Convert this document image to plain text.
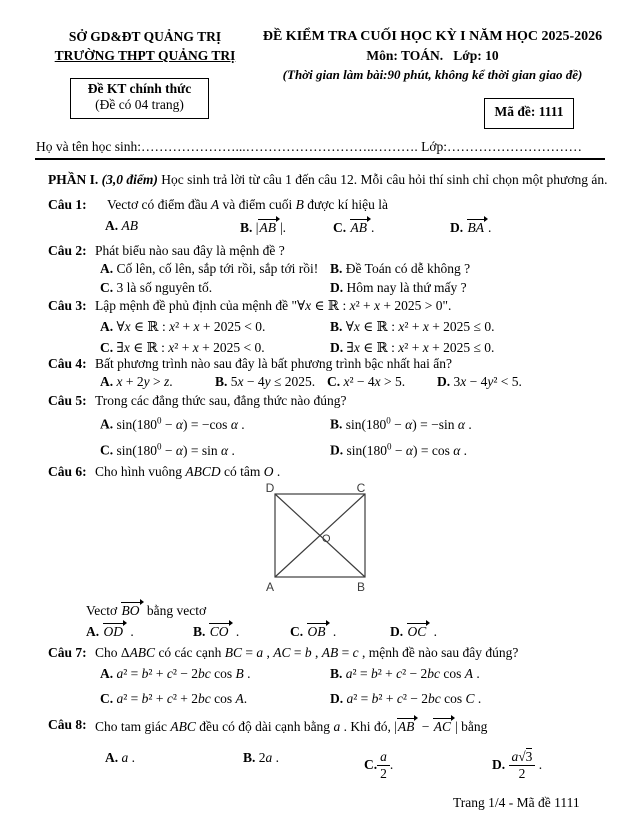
SỞ GD&ĐT QUẢNG TRỊ
TRƯỜNG THPT QUẢNG TRỊ
ĐỀ KIỂM TRA CUỐI HỌC KỲ I NĂM HỌC 2025-2026
Môn: TOÁN.   Lớp: 10
(Thời gian làm bài:90 phút, không kể thời gian giao đề)
Đề KT chính thức
(Đề có 04 trang)	Mã đề: 1111
Họ và tên học sinh:…………………...………………………..………. Lớp:…………………………
PHẦN I. (3,0 điểm) Học sinh trả lời từ câu 1 đến câu 12. Mỗi câu hỏi thí sinh chỉ chọn một phương án.
Câu 1: Vectơ có điểm đầu A và điểm cuối B được kí hiệu là
A. AB	B. |AB |.	C. AB .	D. BA .
Câu 2: Phát biểu nào sau đây là mệnh đề ?
A. Cố lên, cố lên, sắp tới rồi, sắp tới rồi! B. Đề Toán có dễ không ?
C. 3 là số nguyên tố.	D. Hôm nay là thứ mấy ?
Câu 3: Lập mệnh đề phủ định của mệnh đề "∀x ∈ ℝ : x² + x + 2025 > 0".
A. ∀x ∈ ℝ : x² + x + 2025 < 0.	B. ∀x ∈ ℝ : x² + x + 2025 ≤ 0.
C. ∃x ∈ ℝ : x² + x + 2025 < 0.	D. ∃x ∈ ℝ : x² + x + 2025 ≤ 0.
Câu 4: Bất phương trình nào sau đây là bất phương trình bậc nhất hai ẩn?
A. x + 2y > z.	B. 5x − 4y ≤ 2025. C. x² − 4x > 5. D. 3x − 4y² < 5.
Câu 5: Trong các đẳng thức sau, đẳng thức nào đúng?
A. $\sin(180^0 - \alpha) = -\cos$ α .	B. $\sin(180^0 - \alpha) = -\sin$ α .
C. $\sin(180^0 - \alpha) = \sin \alpha$ .	D. $\sin(180^0 - \alpha) = \cos \alpha$ .
Câu 6: Cho hình vuông ABCD có tâm O .
D	C
A	B
O
Vectơ BO bằng vectơ
A. OD .	B. CO .	C. OB .	D. OC .
Câu 7: Cho ΔABC có các cạnh BC = a , AC = b , AB = c , mệnh đề nào sau đây đúng?
A. a² = b² + c² − 2bc cos B .	B. a² = b² + c² − 2bc cos A .
C. a² = b² + c² + 2bc cos A.	D. a² = b² + c² − 2bc cos C .
Câu 8: Cho tam giác ABC đều có độ dài cạnh bằng a . Khi đó, |AB − AC | bằng
A. a .	B. 2a .	C. $\frac{a}{2}$ .	D. $\frac{a√3}{2}$ .
Trang 1/4 - Mã đề 1111
